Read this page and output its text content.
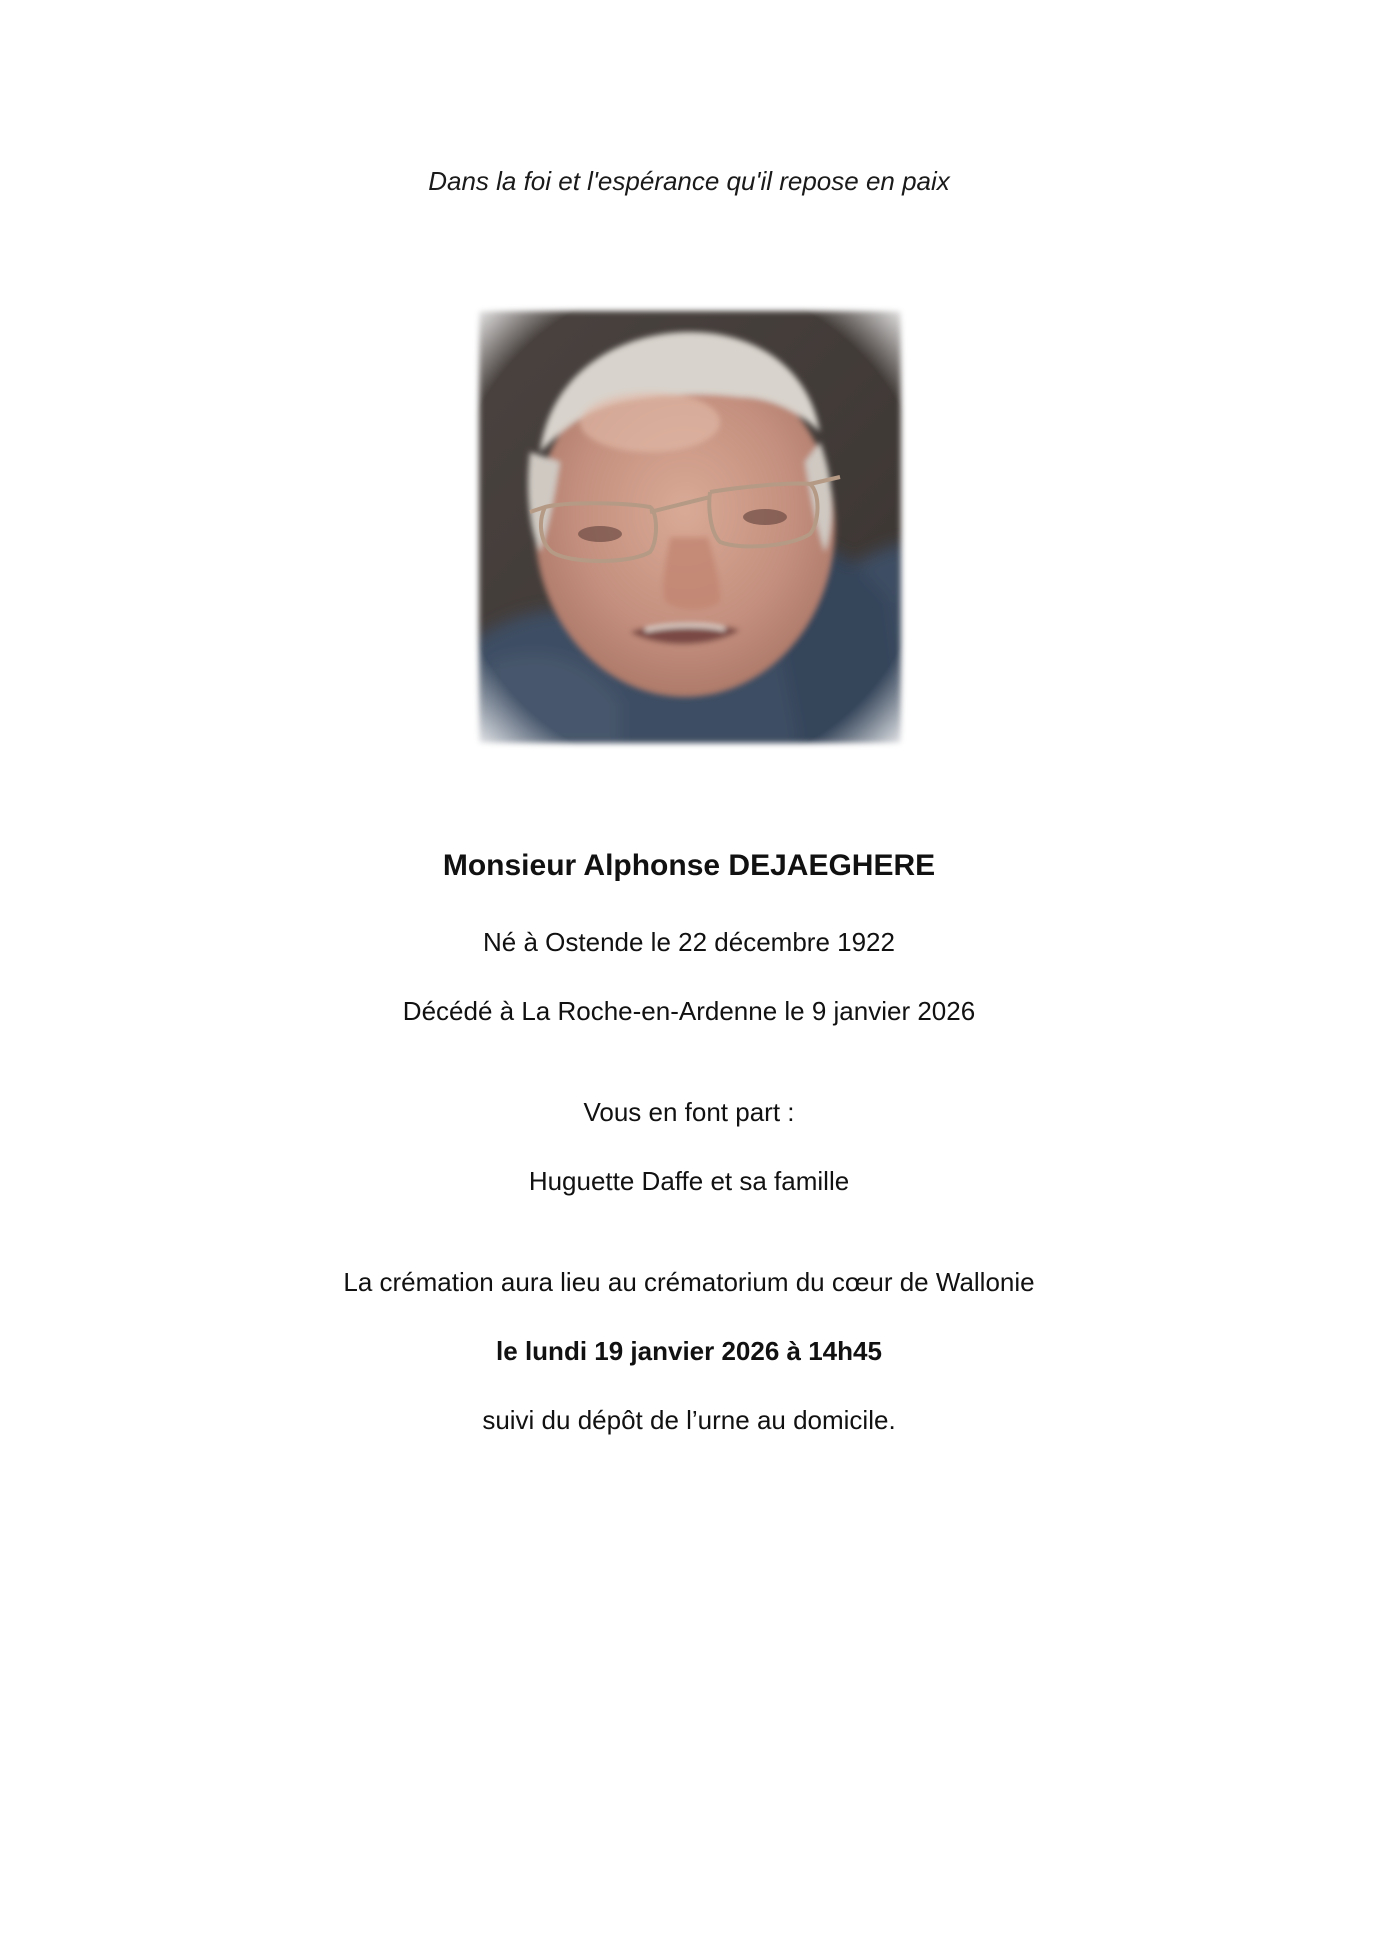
Dans la foi et l'espérance qu'il repose en paix
Monsieur Alphonse DEJAEGHERE
Né à Ostende le 22 décembre 1922
Décédé à La Roche-en-Ardenne le 9 janvier 2026
Vous en font part :
Huguette Daffe et sa famille
La crémation aura lieu au crématorium du cœur de Wallonie
le lundi 19 janvier 2026 à 14h45
suivi du dépôt de l’urne au domicile.
